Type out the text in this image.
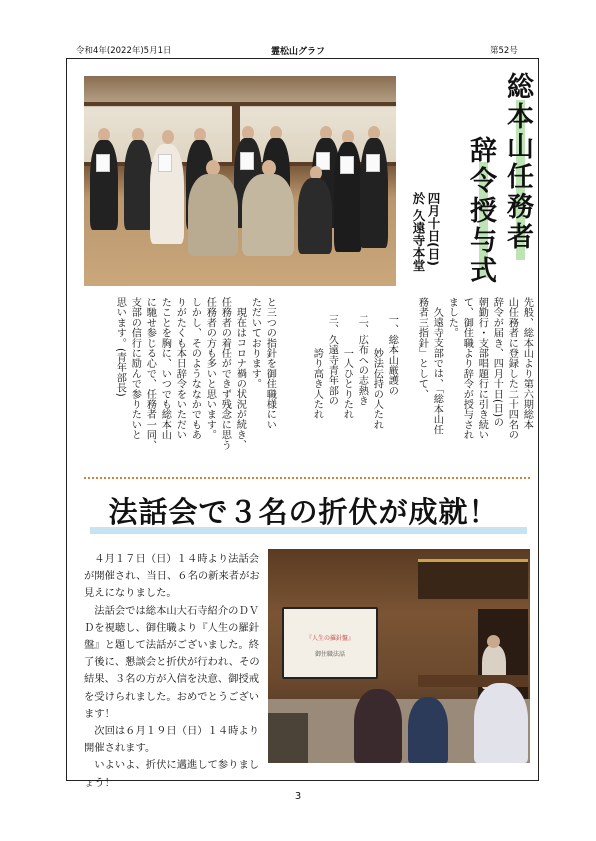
令和4年(2022年)5月1日	霊松山グラフ	第52号
総本山任務者
辞令授与式
四月十日(日)
於 久遠寺本堂
先般、総本山より第六期総本
山任務者に登録した二十四名の
辞令が届き、四月十日(日)の
朝勤行・支部唱題行に引き続い
て、御住職より辞令が授与され
ました。
久遠寺支部では、「総本山任
務者三指針」として、
一、総本山厳護の
妙法伝持の人たれ
二、広布への志熱き
一人ひとりたれ
三、久遠寺青年部の
誇り高き人たれ
と三つの指針を御住職様にい
ただいております。
現在はコロナ禍の状況が続き、
任務者の着任ができず残念に思う
任務者の方も多いと思います。
しかし、そのようななかでもあ
りがたくも本日辞令をいただい
たことを胸に、いつでも総本山
に馳せ参じる心で、任務者一同、
支部の信行に励んで参りたいと
思います。(青年部長)
法話会で３名の折伏が成就！

４月１７日（日）１４時より法話会が開催され、当日、６名の新来者がお見えになりました。

法話会では総本山大石寺紹介のＤＶＤを視聴し、御住職より『人生の羅針盤』と題して法話がございました。終了後に、懇談会と折伏が行われ、その結果、３名の方が入信を決意、御授戒を受けられました。おめでとうございます！

次回は６月１９日（日）１４時より開催されます。

いよいよ、折伏に邁進して参りましょう！

『人生の羅針盤』
御住職法話
3
